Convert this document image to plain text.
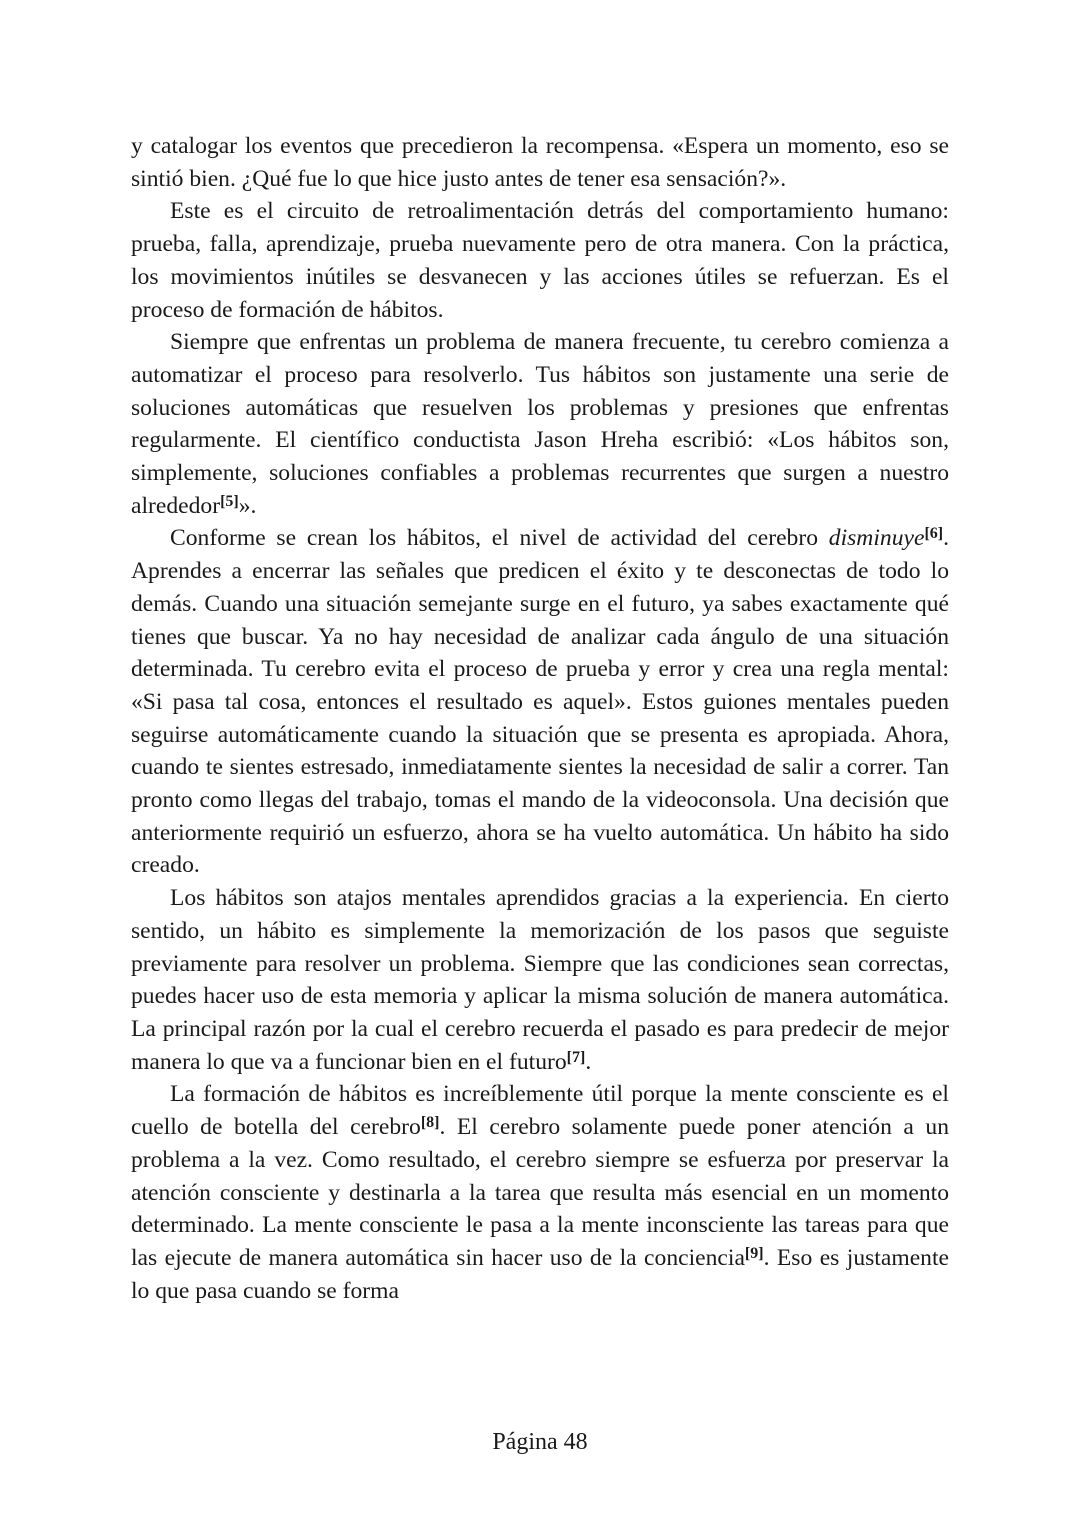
y catalogar los eventos que precedieron la recompensa. «Espera un momento, eso se sintió bien. ¿Qué fue lo que hice justo antes de tener esa sensación?».

Este es el circuito de retroalimentación detrás del comportamiento humano: prueba, falla, aprendizaje, prueba nuevamente pero de otra manera. Con la práctica, los movimientos inútiles se desvanecen y las acciones útiles se refuerzan. Es el proceso de formación de hábitos.

Siempre que enfrentas un problema de manera frecuente, tu cerebro comienza a automatizar el proceso para resolverlo. Tus hábitos son justamente una serie de soluciones automáticas que resuelven los problemas y presiones que enfrentas regularmente. El científico conductista Jason Hreha escribió: «Los hábitos son, simplemente, soluciones confiables a problemas recurrentes que surgen a nuestro alrededor[5]».

Conforme se crean los hábitos, el nivel de actividad del cerebro disminuye[6]. Aprendes a encerrar las señales que predicen el éxito y te desconectas de todo lo demás. Cuando una situación semejante surge en el futuro, ya sabes exactamente qué tienes que buscar. Ya no hay necesidad de analizar cada ángulo de una situación determinada. Tu cerebro evita el proceso de prueba y error y crea una regla mental: «Si pasa tal cosa, entonces el resultado es aquel». Estos guiones mentales pueden seguirse automáticamente cuando la situación que se presenta es apropiada. Ahora, cuando te sientes estresado, inmediatamente sientes la necesidad de salir a correr. Tan pronto como llegas del trabajo, tomas el mando de la videoconsola. Una decisión que anteriormente requirió un esfuerzo, ahora se ha vuelto automática. Un hábito ha sido creado.

Los hábitos son atajos mentales aprendidos gracias a la experiencia. En cierto sentido, un hábito es simplemente la memorización de los pasos que seguiste previamente para resolver un problema. Siempre que las condiciones sean correctas, puedes hacer uso de esta memoria y aplicar la misma solución de manera automática. La principal razón por la cual el cerebro recuerda el pasado es para predecir de mejor manera lo que va a funcionar bien en el futuro[7].

La formación de hábitos es increíblemente útil porque la mente consciente es el cuello de botella del cerebro[8]. El cerebro solamente puede poner atención a un problema a la vez. Como resultado, el cerebro siempre se esfuerza por preservar la atención consciente y destinarla a la tarea que resulta más esencial en un momento determinado. La mente consciente le pasa a la mente inconsciente las tareas para que las ejecute de manera automática sin hacer uso de la conciencia[9]. Eso es justamente lo que pasa cuando se forma

Página 48
